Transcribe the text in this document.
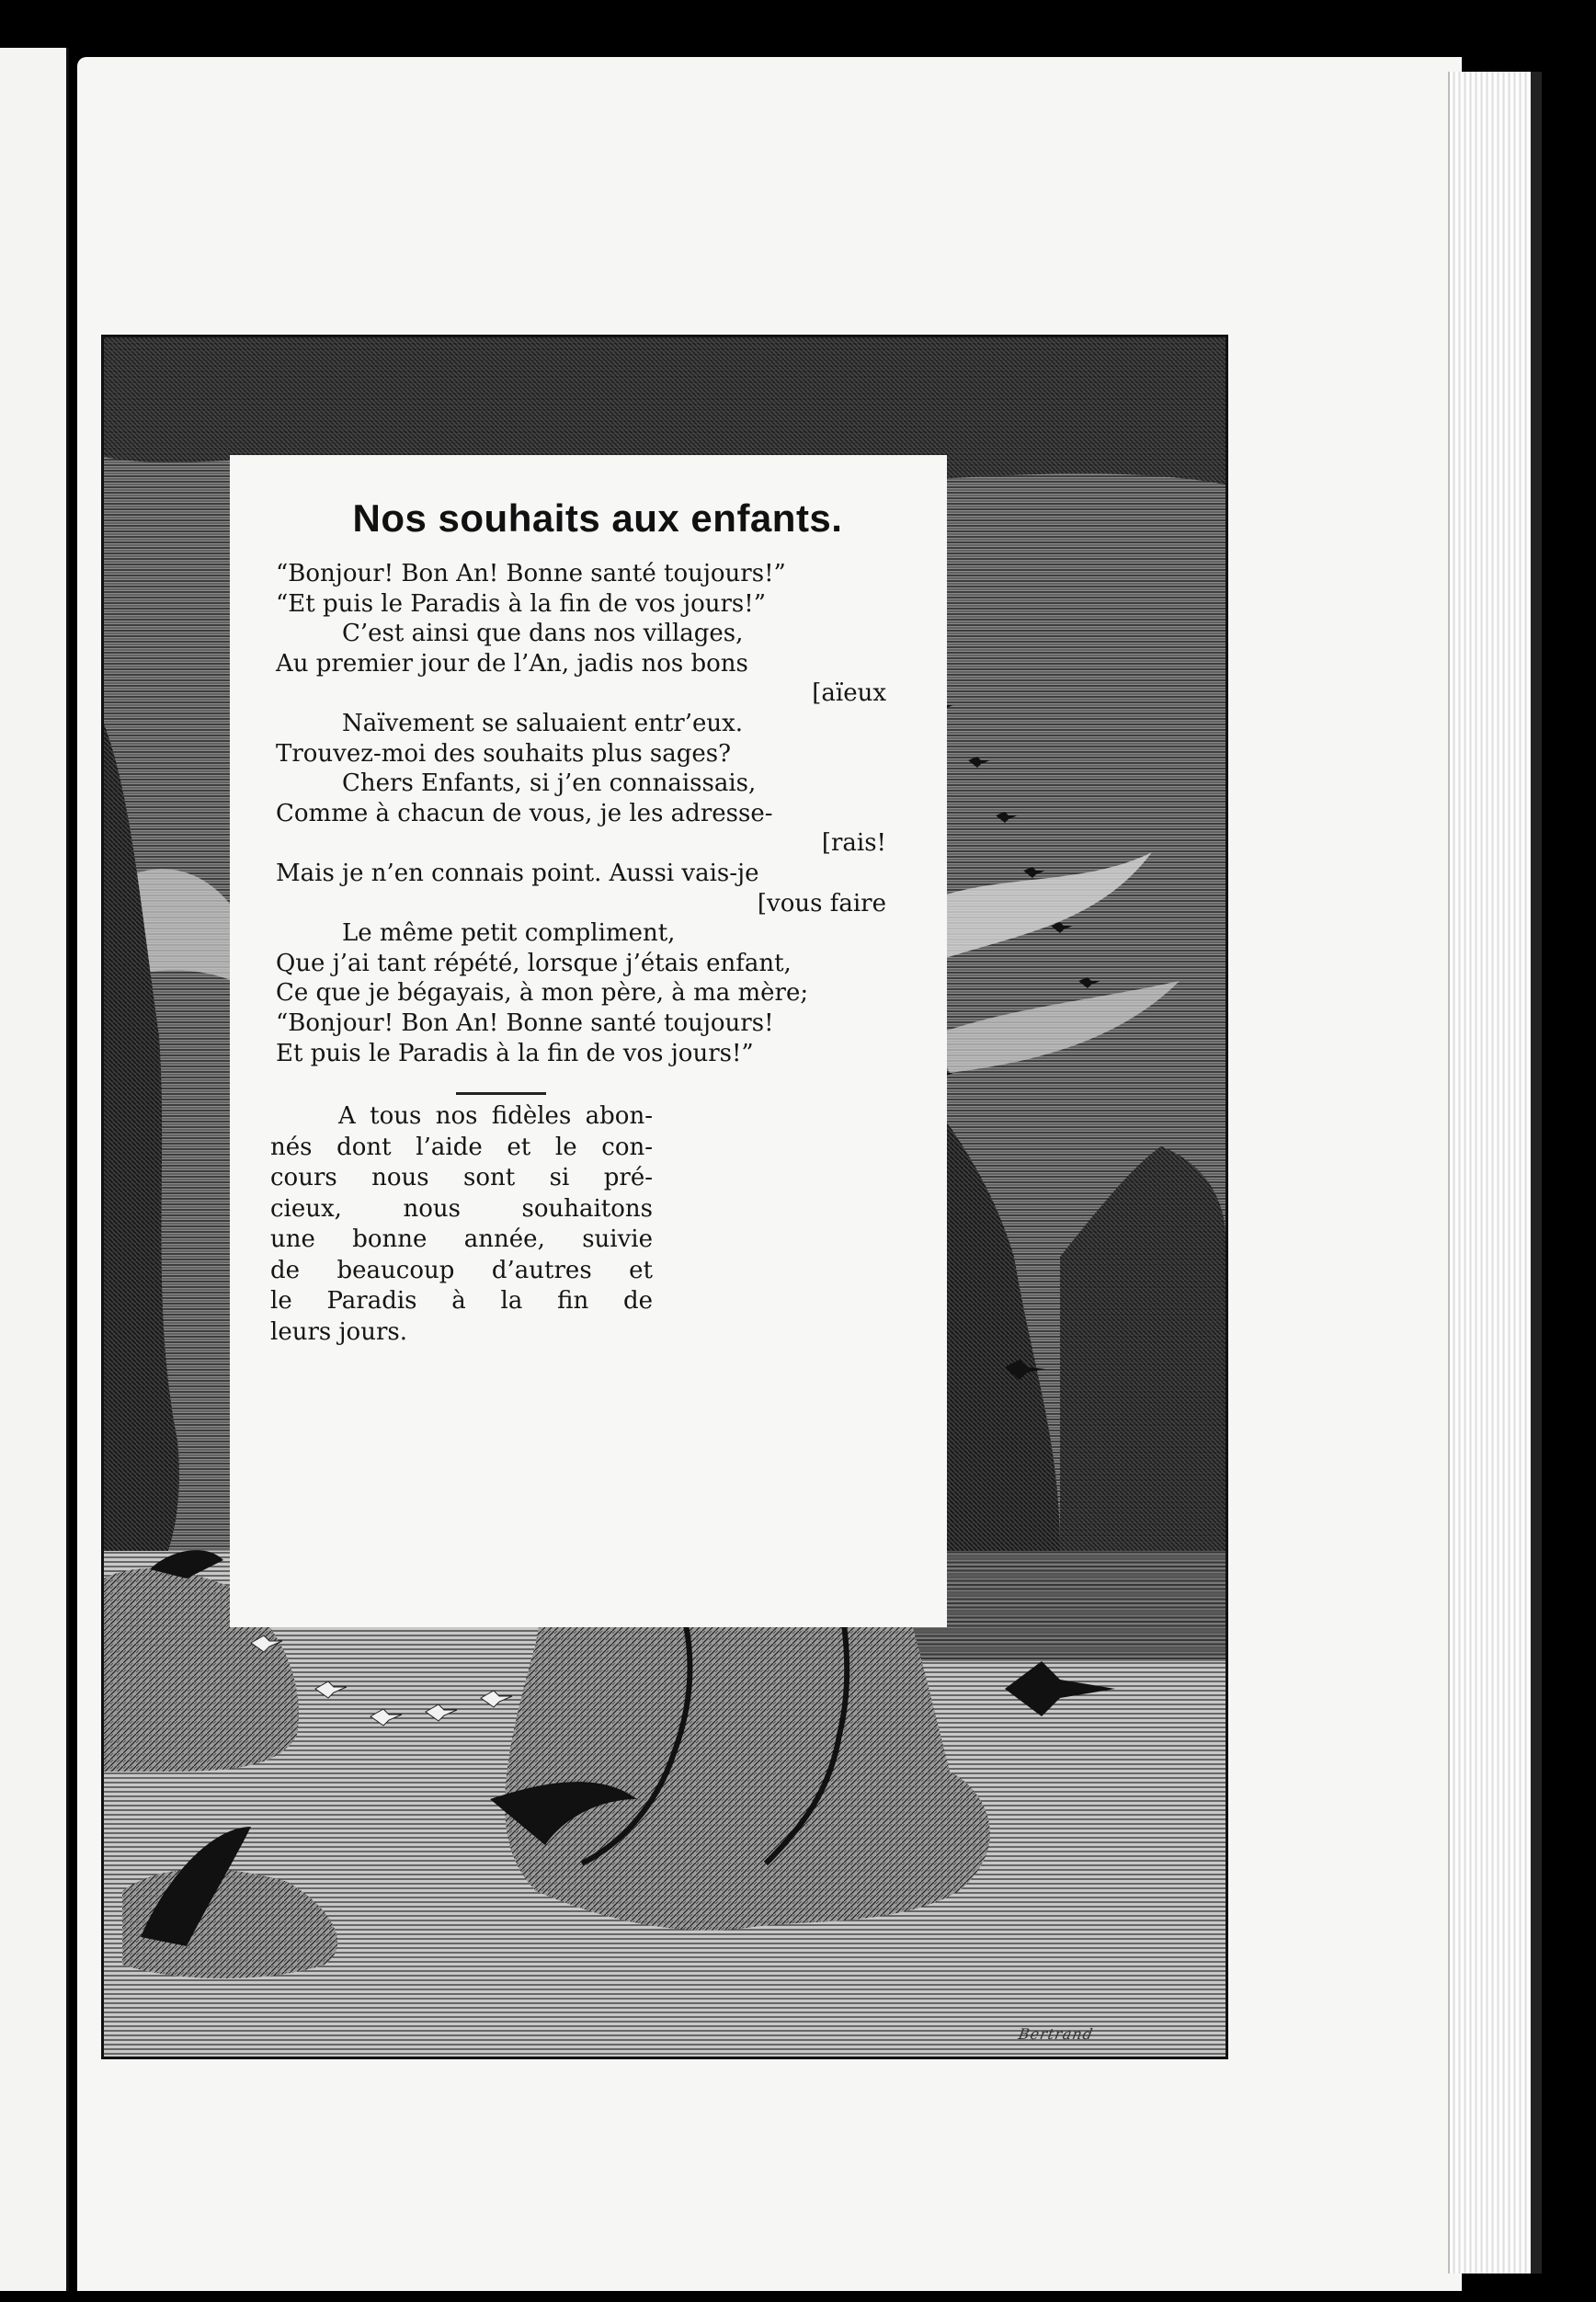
Nos souhaits aux enfants.
“Bonjour! Bon An! Bonne santé toujours!”
“Et puis le Paradis à la fin de vos jours!”
C’est ainsi que dans nos villages,
Au premier jour de l’An, jadis nos bons
[aïeux
Naïvement se saluaient entr’eux.
Trouvez-moi des souhaits plus sages?
Chers Enfants, si j’en connaissais,
Comme à chacun de vous, je les adresse-
[rais!
Mais je n’en connais point. Aussi vais-je
[vous faire
Le même petit compliment,
Que j’ai tant répété, lorsque j’étais enfant,
Ce que je bégayais, à mon père, à ma mère;
“Bonjour! Bon An! Bonne santé toujours!
Et puis le Paradis à la fin de vos jours!”
A tous nos fidèles abon-
nés dont l’aide et le con-
cours nous sont si pré-
cieux, nous souhaitons
une bonne année, suivie
de beaucoup d’autres et
le Paradis à la fin de
leurs jours.
Bertrand
